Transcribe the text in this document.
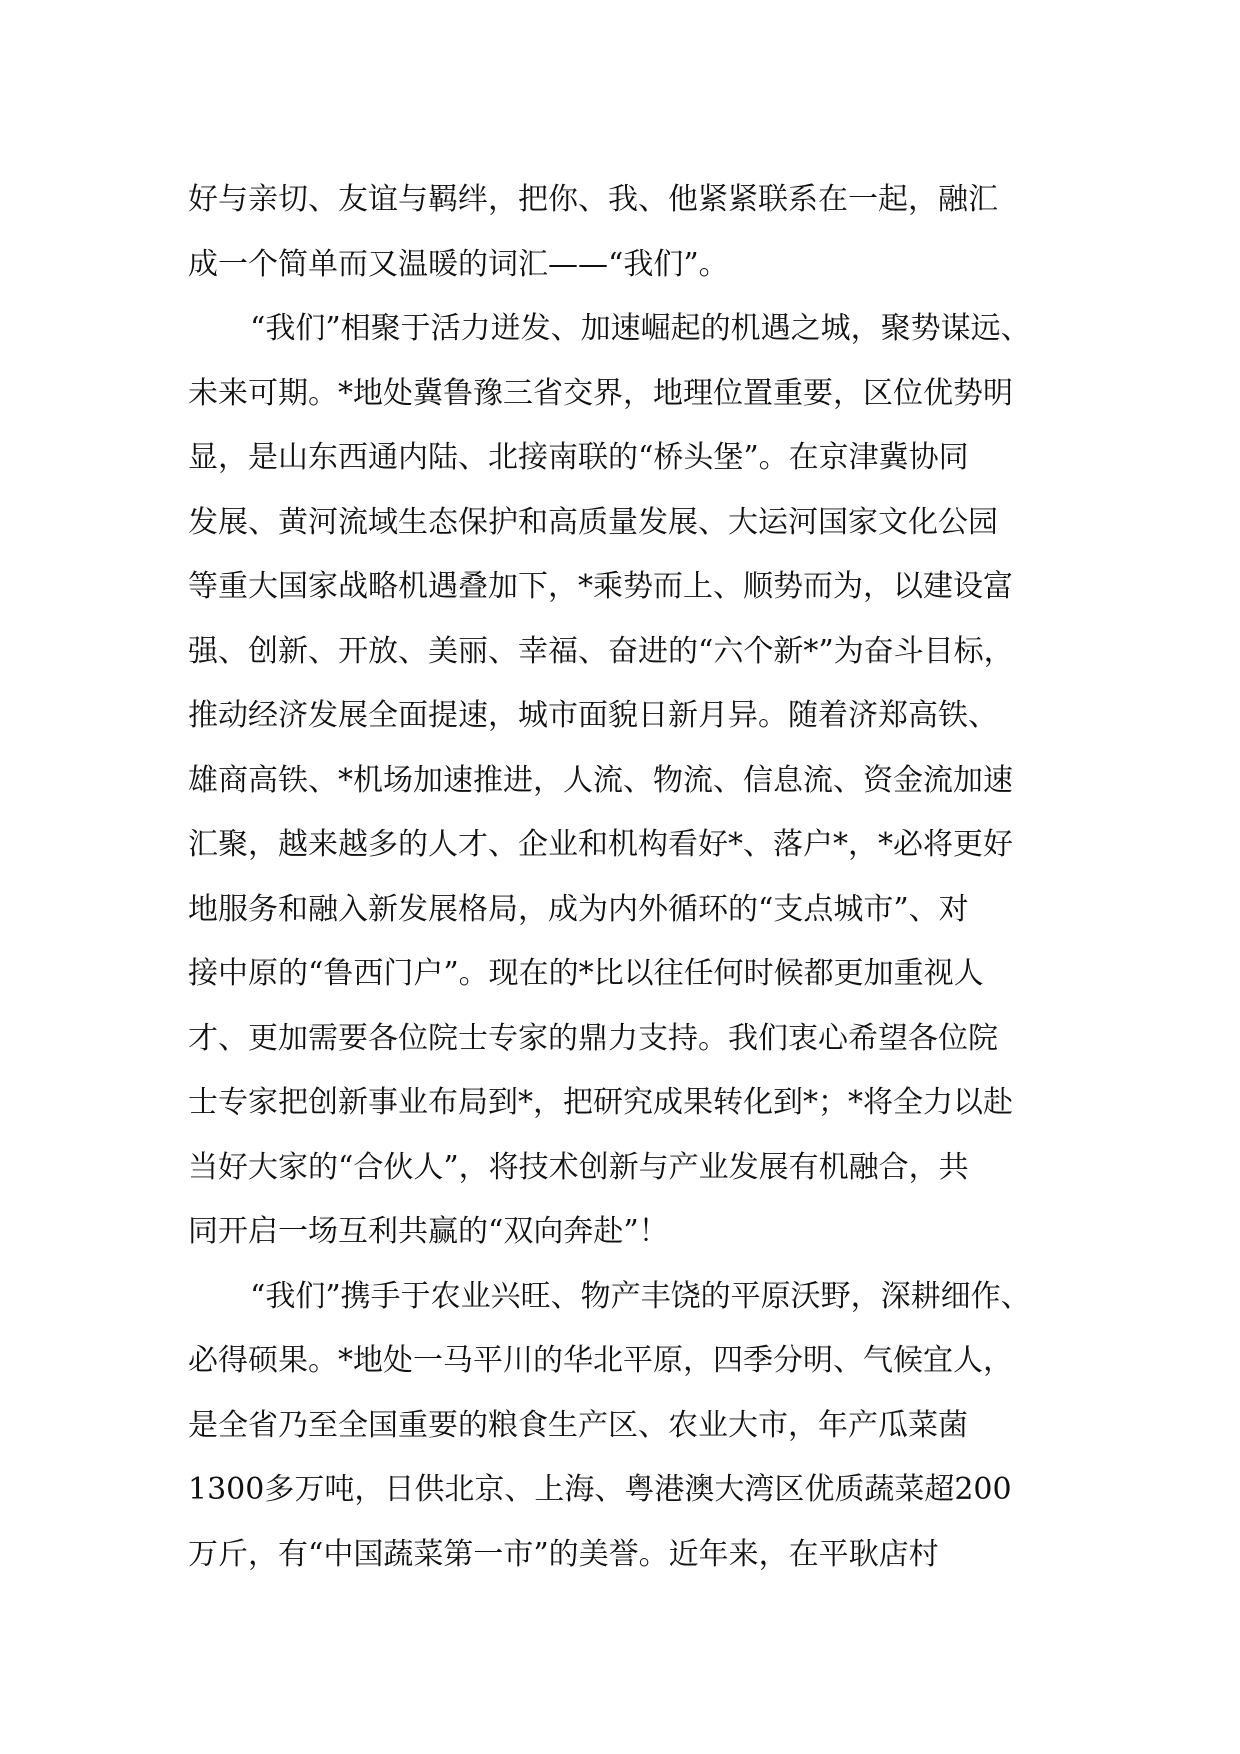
好与亲切、友谊与羁绊，把你、我、他紧紧联系在一起，融汇
成一个简单而又温暖的词汇——“我们”。
“我们”相聚于活力迸发、加速崛起的机遇之城，聚势谋远、
未来可期。*地处冀鲁豫三省交界，地理位置重要，区位优势明
显，是山东西通内陆、北接南联的“桥头堡”。在京津冀协同
发展、黄河流域生态保护和高质量发展、大运河国家文化公园
等重大国家战略机遇叠加下，*乘势而上、顺势而为，以建设富
强、创新、开放、美丽、幸福、奋进的“六个新*”为奋斗目标，
推动经济发展全面提速，城市面貌日新月异。随着济郑高铁、
雄商高铁、*机场加速推进，人流、物流、信息流、资金流加速
汇聚，越来越多的人才、企业和机构看好*、落户*，*必将更好
地服务和融入新发展格局，成为内外循环的“支点城市”、对
接中原的“鲁西门户”。现在的*比以往任何时候都更加重视人
才、更加需要各位院士专家的鼎力支持。我们衷心希望各位院
士专家把创新事业布局到*，把研究成果转化到*；*将全力以赴
当好大家的“合伙人”，将技术创新与产业发展有机融合，共
同开启一场互利共赢的“双向奔赴”！
“我们”携手于农业兴旺、物产丰饶的平原沃野，深耕细作、
必得硕果。*地处一马平川的华北平原，四季分明、气候宜人，
是全省乃至全国重要的粮食生产区、农业大市，年产瓜菜菌
1300多万吨，日供北京、上海、粤港澳大湾区优质蔬菜超200
万斤，有“中国蔬菜第一市”的美誉。近年来，在平耿店村
